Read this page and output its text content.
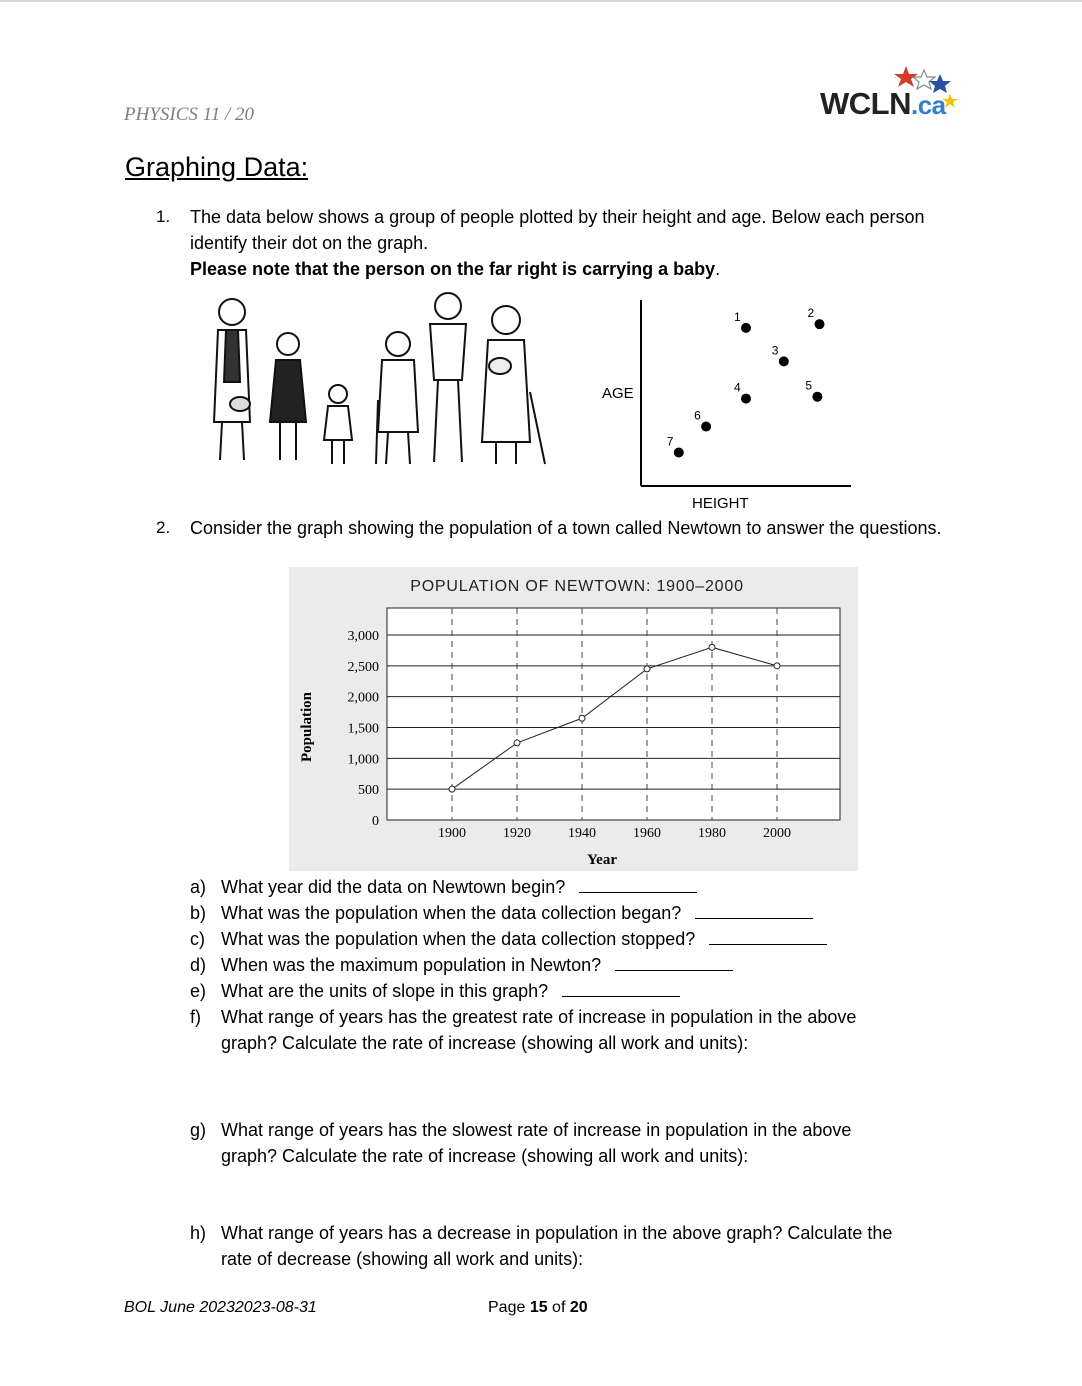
PHYSICS 11 / 20	WCLN.ca
Graphing Data:
1. The data below shows a group of people plotted by their height and age. Below each person identify their dot on the graph.
Please note that the person on the far right is carrying a baby.
AGE
HEIGHT
1	2
3
4	5
6
7
2. Consider the graph showing the population of a town called Newtown to answer the questions.
POPULATION OF NEWTOWN: 1900–2000
3,000
2,500
2,000
1,500
1,000
500
0
1900	1920	1940	1960	1980	2000
Year
Population
a) What year did the data on Newtown begin?
b) What was the population when the data collection began?
c) What was the population when the data collection stopped?
d) When was the maximum population in Newton?
e) What are the units of slope in this graph?
f) What range of years has the greatest rate of increase in population in the above
graph? Calculate the rate of increase (showing all work and units):
g) What range of years has the slowest rate of increase in population in the above
graph? Calculate the rate of increase (showing all work and units):
h) What range of years has a decrease in population in the above graph? Calculate the
rate of decrease (showing all work and units):
BOL June 20232023-08-31	Page 15 of 20
